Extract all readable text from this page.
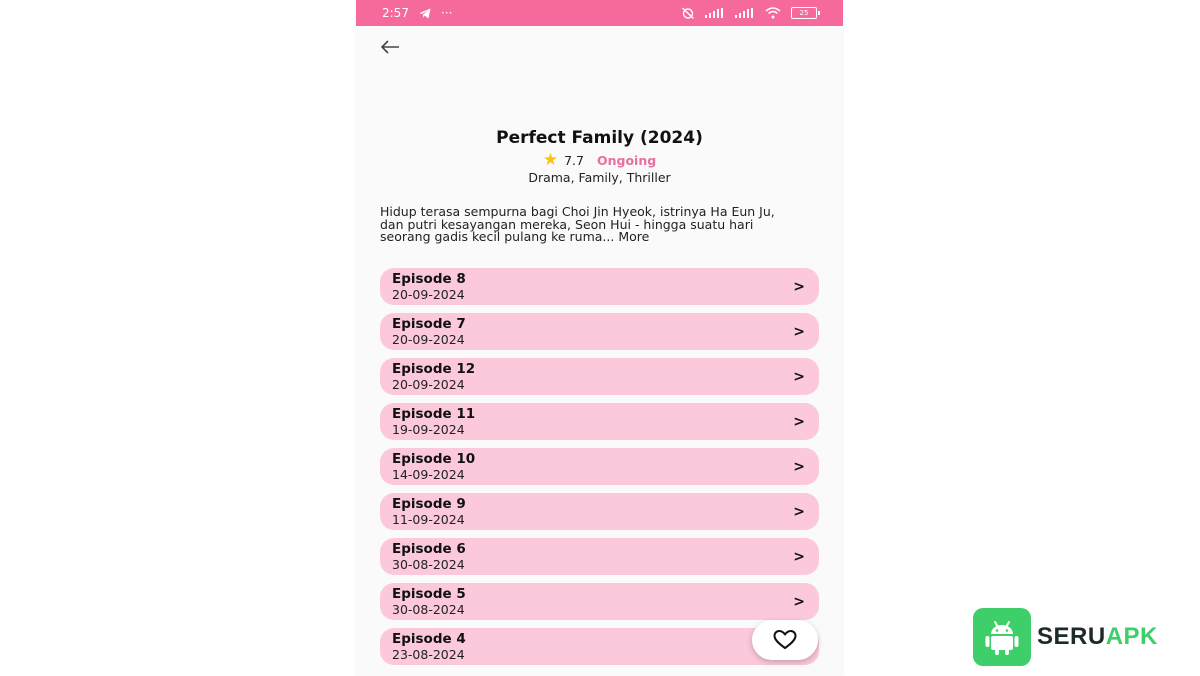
2:57	···	25
Perfect Family (2024)
★ 7.7 Ongoing
Drama, Family, Thriller
Hidup terasa sempurna bagi Choi Jin Hyeok, istrinya Ha Eun Ju, dan putri kesayangan mereka, Seon Hui - hingga suatu hari seorang gadis kecil pulang ke ruma... More
Episode 8
20-09-2024	>
Episode 7
20-09-2024	>
Episode 12
20-09-2024	>
Episode 11
19-09-2024	>
Episode 10
14-09-2024	>
Episode 9
11-09-2024	>
Episode 6
30-08-2024	>
Episode 5
30-08-2024	>
Episode 4
23-08-2024
SERUAPK
